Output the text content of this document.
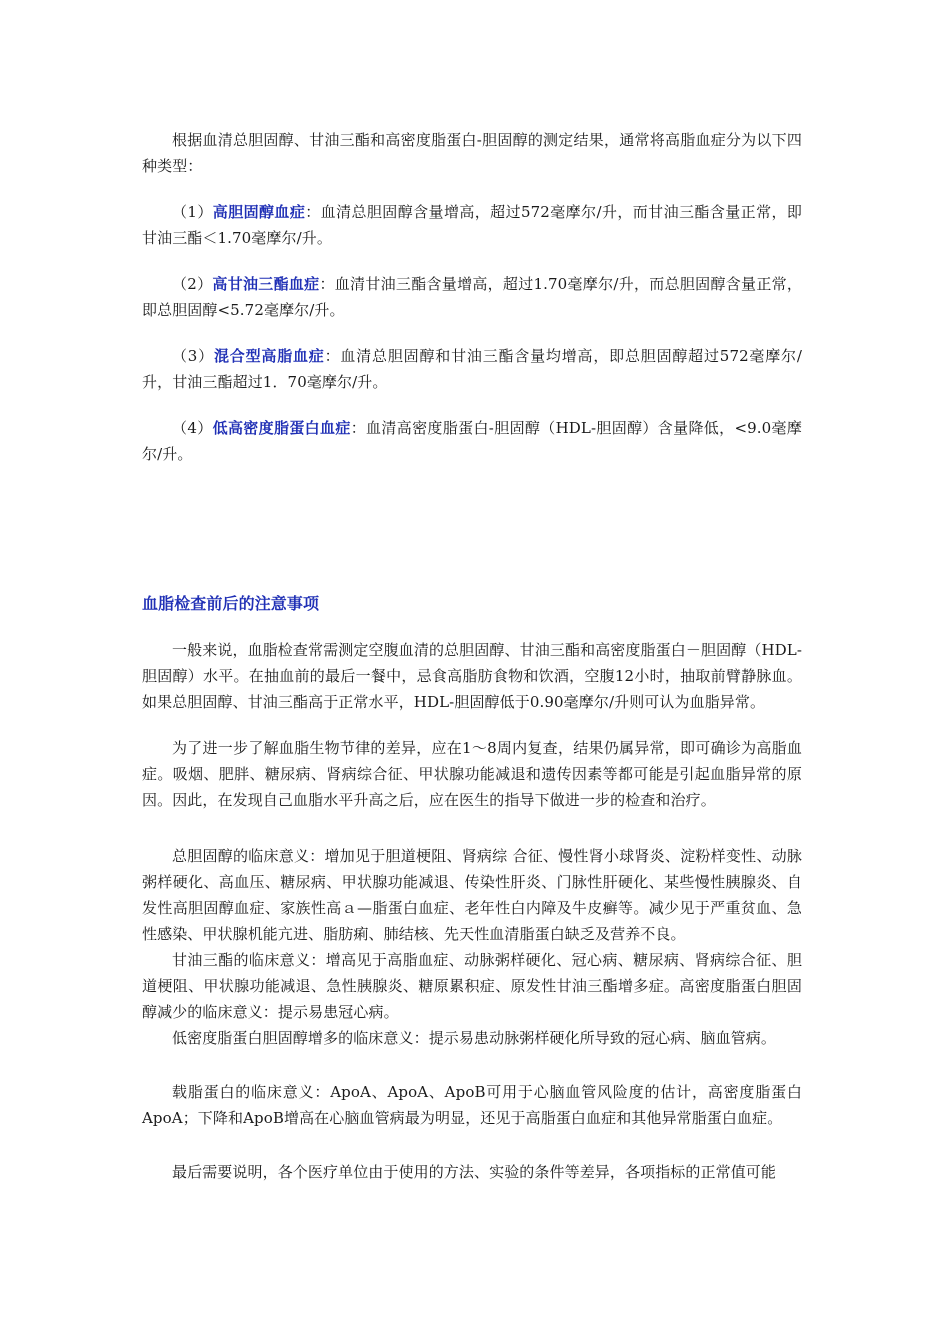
根据血清总胆固醇、甘油三酯和高密度脂蛋白-胆固醇的测定结果，通常将高脂血症分为以下四种类型：

（1）高胆固醇血症：血清总胆固醇含量增高，超过572毫摩尔/升，而甘油三酯含量正常，即甘油三酯＜1.70毫摩尔/升。

（2）高甘油三酯血症：血清甘油三酯含量增高，超过1.70毫摩尔/升，而总胆固醇含量正常，即总胆固醇<5.72毫摩尔/升。

（3）混合型高脂血症：血清总胆固醇和甘油三酯含量均增高，即总胆固醇超过572毫摩尔/升，甘油三酯超过1．70毫摩尔/升。

（4）低高密度脂蛋白血症：血清高密度脂蛋白-胆固醇（HDL-胆固醇）含量降低，<9.0毫摩尔/升。

血脂检查前后的注意事项

一般来说，血脂检查常需测定空腹血清的总胆固醇、甘油三酯和高密度脂蛋白－胆固醇（HDL-胆固醇）水平。在抽血前的最后一餐中，忌食高脂肪食物和饮酒，空腹12小时，抽取前臂静脉血。如果总胆固醇、甘油三酯高于正常水平，HDL-胆固醇低于0.90毫摩尔/升则可认为血脂异常。

为了进一步了解血脂生物节律的差异，应在1～8周内复查，结果仍属异常，即可确诊为高脂血症。吸烟、肥胖、糖尿病、肾病综合征、甲状腺功能减退和遗传因素等都可能是引起血脂异常的原因。因此，在发现自己血脂水平升高之后，应在医生的指导下做进一步的检查和治疗。

总胆固醇的临床意义：增加见于胆道梗阻、肾病综 合征、慢性肾小球肾炎、淀粉样变性、动脉粥样硬化、高血压、糖尿病、甲状腺功能减退、传染性肝炎、门脉性肝硬化、某些慢性胰腺炎、自发性高胆固醇血症、家族性高ａ—脂蛋白血症、老年性白内障及牛皮癣等。减少见于严重贫血、急性感染、甲状腺机能亢进、脂肪痢、肺结核、先天性血清脂蛋白缺乏及营养不良。

甘油三酯的临床意义：增高见于高脂血症、动脉粥样硬化、冠心病、糖尿病、肾病综合征、胆道梗阻、甲状腺功能减退、急性胰腺炎、糖原累积症、原发性甘油三酯增多症。高密度脂蛋白胆固醇减少的临床意义：提示易患冠心病。

低密度脂蛋白胆固醇增多的临床意义：提示易患动脉粥样硬化所导致的冠心病、脑血管病。

载脂蛋白的临床意义：ApoA、ApoA、ApoB可用于心脑血管风险度的估计，高密度脂蛋白ApoA；下降和ApoB增高在心脑血管病最为明显，还见于高脂蛋白血症和其他异常脂蛋白血症。

最后需要说明，各个医疗单位由于使用的方法、实验的条件等差异，各项指标的正常值可能
